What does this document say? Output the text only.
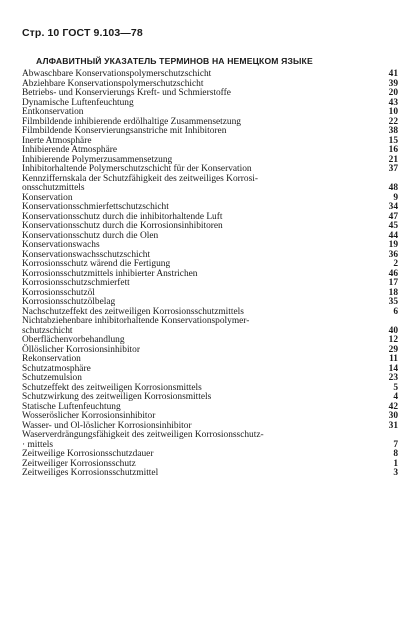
Стр. 10 ГОСТ 9.103—78
АЛФАВИТНЫЙ УКАЗАТЕЛЬ ТЕРМИНОВ НА НЕМЕЦКОМ ЯЗЫКЕ
Abwaschbare Konservationspolymerschutzschicht	41
Abziehbare Konservationspolymerschutzschicht	39
Betriebs- und Konservierungs Kreft- und Schmierstoffe	20
Dynamische Luftenfeuchtung	43
Entkonservation	10
Filmbildende inhibierende erdölhaltige Zusammensetzung	22
Filmbildende Konservierungsanstriche mit Inhibitoren	38
Inerte Atmosphäre	15
Inhibierende Atmosphäre	16
Inhibierende Polymerzusammensetzung	21
Inhibitorhaltende Polymerschutzschicht für der Konservation	37
Kennziffernskala der Schutzfähigkeit des zeitweiliges Korrosi-
onsschutzmittels	48
Konservation	9
Konservationsschmierfettschutzschicht	34
Konservationsschutz durch die inhibitorhaltende Luft	47
Konservationsschutz durch die Korrosionsinhibitoren	45
Konservationsschutz durch die Olen	44
Konservationswachs	19
Konservationswachsschutzschicht	36
Korrosionsschutz wärend die Fertigung	2
Korrosionsschutzmittels inhibierter Anstrichen	46
Korrosionsschutzschmierfett	17
Korrosionsschutzöl	18
Korrosionsschutzölbelag	35
Nachschutzeffekt des zeitweiligen Korrosionsschutzmittels	6
Nichtabziehenbare inhibitorhaltende Konservationspolymer-
schutzschicht	40
Oberflächenvorbehandlung	12
Öllöslicher Korrosionsinhibitor	29
Rekonservation	11
Schutzatmosphäre	14
Schutzemulsion	23
Schutzeffekt des zeitweiligen Korrosionsmittels	5
Schutzwirkung des zeitweiligen Korrosionsmittels	4
Statische Luftenfeuchtung	42
Wosserösliсher Korrosionsinhibitor	30
Wasser- und Ol-löslicher Korrosionsinhibitor	31
Waserverdrängungsfähigkeit des zeitweiligen Korrosionsschutz-
· mittels	7
Zeitweilige Korrosionsschutzdauer	8
Zeitweiliger Korrosionsschutz	1
Zeitweiliges Korrosionsschutzmittel	3
